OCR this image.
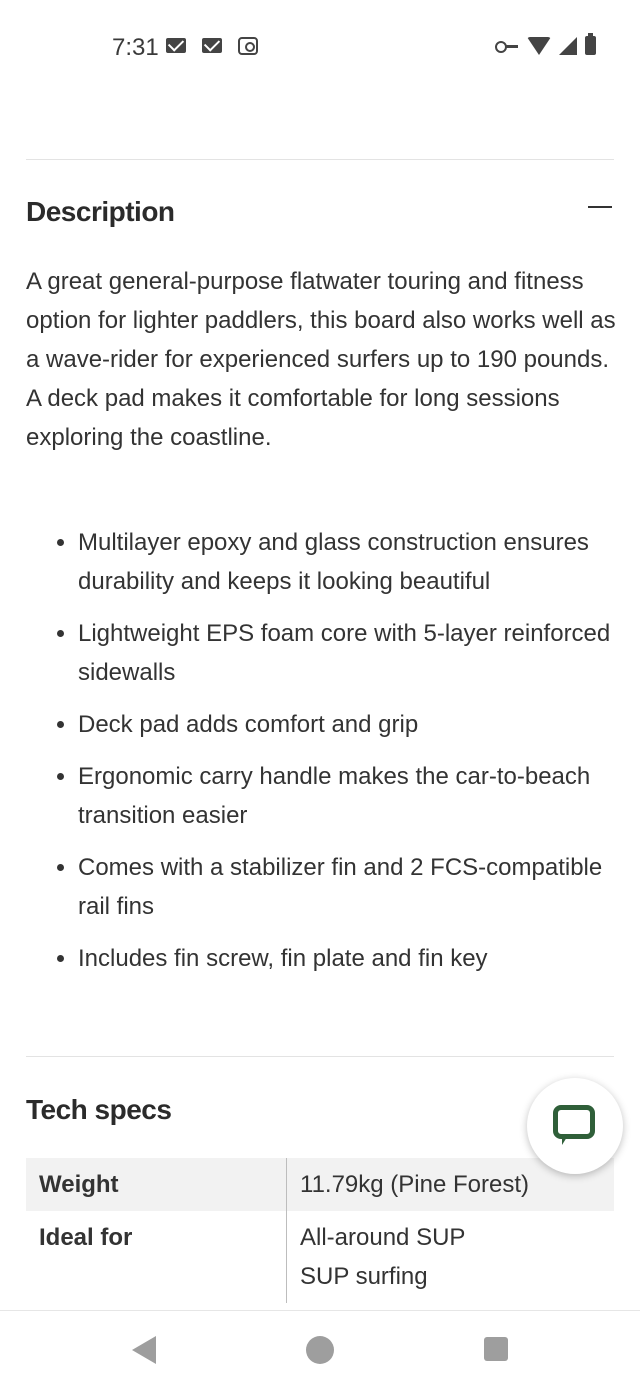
7:31
Description

A great general-purpose flatwater touring and fitness option for lighter paddlers, this board also works well as a wave-rider for experienced surfers up to 190 pounds. A deck pad makes it comfortable for long sessions exploring the coastline.

Multilayer epoxy and glass construction ensures durability and keeps it looking beautiful
Lightweight EPS foam core with 5-layer reinforced sidewalls
Deck pad adds comfort and grip
Ergonomic carry handle makes the car-to-beach transition easier
Comes with a stabilizer fin and 2 FCS-compatible rail fins
Includes fin screw, fin plate and fin key
Tech specs
Weight	11.79kg (Pine Forest)
Ideal for	All-around SUP
SUP surfing
